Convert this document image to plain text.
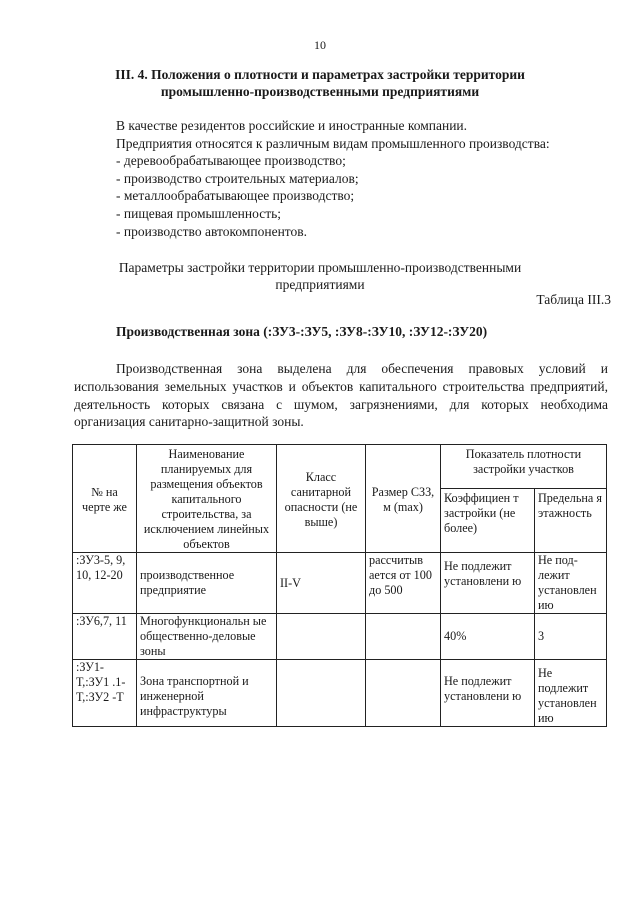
10
III. 4. Положения о плотности и параметрах застройки территории
промышленно-производственными предприятиями
В качестве резидентов российские и иностранные компании.
Предприятия относятся к различным видам промышленного производства:
- деревообрабатывающее производство;
- производство строительных материалов;
- металлообрабатывающее производство;
- пищевая промышленность;
- производство автокомпонентов.
Параметры застройки территории промышленно-производственными
предприятиями
Таблица III.3
Производственная зона (:ЗУ3-:ЗУ5, :ЗУ8-:ЗУ10, :ЗУ12-:ЗУ20)

Производственная зона выделена для обеспечения правовых условий и использования земельных участков и объектов капитального строительства предприятий, деятельность которых связана с шумом, загрязнениями, для которых необходима организация санитарно-защитной зоны.

№ на черте же	Наименование планируемых для размещения объектов капитального строительства, за исключением линейных объектов	Класс санитарной опасности (не выше)	Размер СЗЗ, м (max)	Показатель плотности застройки участков	
				Коэффициен т застройки (не более)	Предельна я этажность
:ЗУ3-5, 9, 10, 12-20	производственное предприятие	II-V	рассчитыв ается от 100 до 500	Не подлежит установлени ю	Не под-лежит установлен ию
:ЗУ6,7, 11	Многофункциональн ые общественно-деловые зоны			40%	3
:ЗУ1-Т,:ЗУ1 .1-Т,:ЗУ2 -Т	Зона транспортной и инженерной инфраструктуры			Не подлежит установлени ю	Не подлежит установлен ию
